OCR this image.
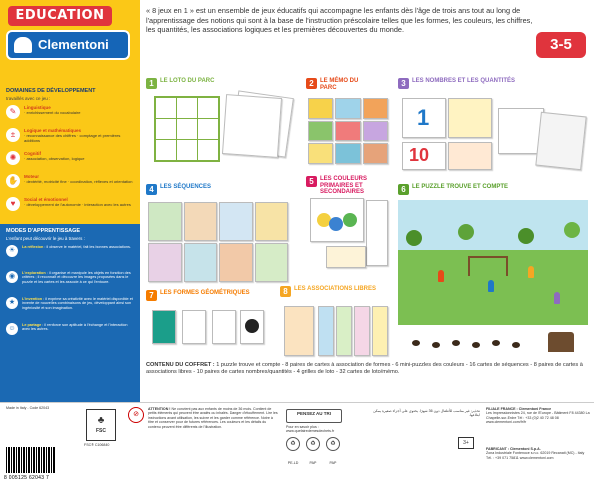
EDUCATION
Clementoni
DOMAINES DE DÉVELOPPEMENT
travaillés avec ce jeu :
✎	Linguistique
· enrichissement du vocabulaire
±	Logique et mathématiques
· reconnaissance des chiffres · comptage et premières additions
✺	Cognitif
· association, observation, logique
✋	Moteur
· dextérité, motricité fine · coordination, réflexes et orientation
♥	Social et émotionnel
· développement de l'autonomie · interaction avec les autres
MODES D'APPRENTISSAGE
L'enfant peut découvrir le jeu à travers :
☀	La réflexion : il observe le matériel, fait les bonnes associations.
◉	L'exploration : il organise et manipule les objets en fonction des critères ; il reconnaît et découvre les images proposées dans le puzzle et les cartes et les associe à ce qui l'entoure.
★	L'invention : il exprime sa créativité avec le matériel disponible et invente de nouvelles combinaisons de jeu, développant ainsi son ingéniosité et son imagination.
☺	Le partage : il renforce son aptitude à l'échange et l'interaction avec les autres.
« 8 jeux en 1 » est un ensemble de jeux éducatifs qui accompagne les enfants dès l'âge de trois ans tout au long de l'apprentissage des notions qui sont à la base de l'instruction préscolaire telles que les formes, les couleurs, les chiffres, les quantités, les associations logiques et les premières découvertes du monde.
3-5
1	LE LOTO DU PARC	2	LE MÉMO DU PARC	3	LES NOMBRES ET LES QUANTITÉS
1
10
4	LES SÉQUENCES
5	LES COULEURS PRIMAIRES ET SECONDAIRES	6	LE PUZZLE TROUVE ET COMPTE
7	LES FORMES GÉOMÉTRIQUES	8	LES ASSOCIATIONS LIBRES
CONTENU DU COFFRET : 1 puzzle trouve et compte - 8 paires de cartes à association de formes - 6 mini-puzzles des couleurs - 16 cartes de séquences - 8 paires de cartes à associations libres - 10 paires de cartes nombres/quantités - 4 grilles de loto - 32 cartes de loto/mémo.
Made in Italy - Code 62043
♣
FSC
FSC® C106840
8 005125 62043 7
⊘
ATTENTION ! Ne convient pas aux enfants de moins de 36 mois. Contient de petits éléments qui peuvent être avalés ou inhalés. Danger d'étouffement. Lire les instructions avant utilisation, les suivre et les garder comme référence. Notre à titre et conserver pour de futures références. Les couleurs et les détails du contenu peuvent être différents de l'illustration.
PENSEZ AU TRI
Pour en savoir plus : www.quefairedemesdechets.fr
♻
PE-LD
♻
PAP
♻
PAP
تحذير: غير مناسب للأطفال دون 36 شهرًا. يحتوي على أجزاء صغيرة يمكن ابتلاعها.
3+
FILIALE FRANCE : Clementoni France
Les Impressionnistes 24, rue de l'Europe - Bâtiment F8 44380 La Chapelle-sur-Erdre Tél : +33 (0)2 40 72 48 08 www.clementoni.com/fr/fr
FABRICANT : Clementoni S.p.A.
Zona Industriale Fontenoce s.n.c. 62019 Recanati (MC) - Italy Tél. : +39 071 75811 www.clementoni.com
